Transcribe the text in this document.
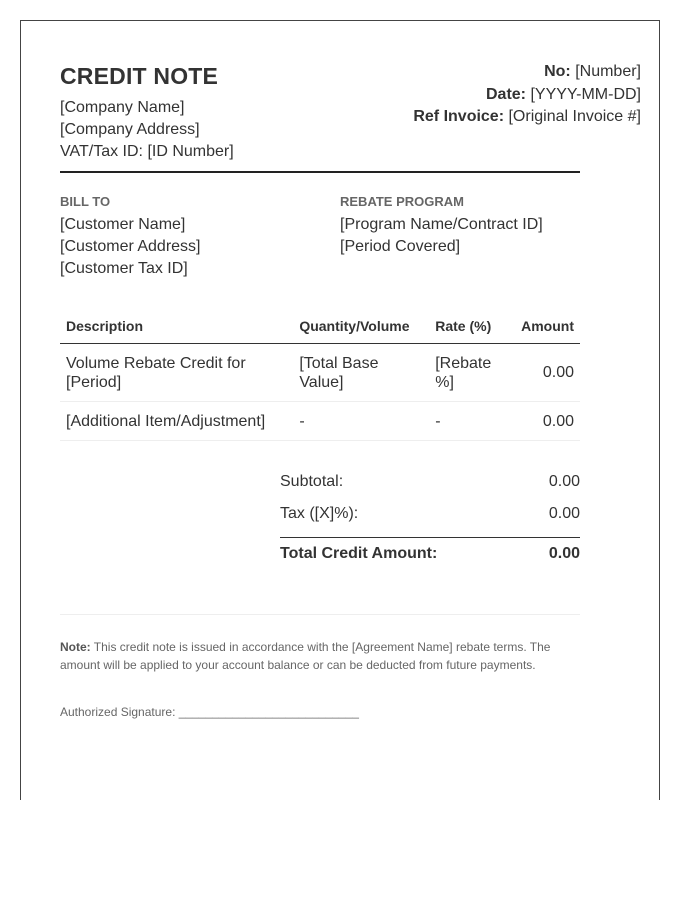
CREDIT NOTE
[Company Name]
[Company Address]
VAT/Tax ID: [ID Number]
No: [Number]
Date: [YYYY-MM-DD]
Ref Invoice: [Original Invoice #]
BILL TO
[Customer Name]
[Customer Address]
[Customer Tax ID]
REBATE PROGRAM
[Program Name/Contract ID]
[Period Covered]
Description	Quantity/Volume	Rate (%)	Amount
Volume Rebate Credit for [Period]	[Total Base Value]	[Rebate %]	0.00
[Additional Item/Adjustment]	-	-	0.00
Subtotal:	0.00
Tax ([X]%):	0.00
Total Credit Amount:	0.00
Note: This credit note is issued in accordance with the [Agreement Name] rebate terms. The amount will be applied to your account balance or can be deducted from future payments.
Authorized Signature: ___________________________
